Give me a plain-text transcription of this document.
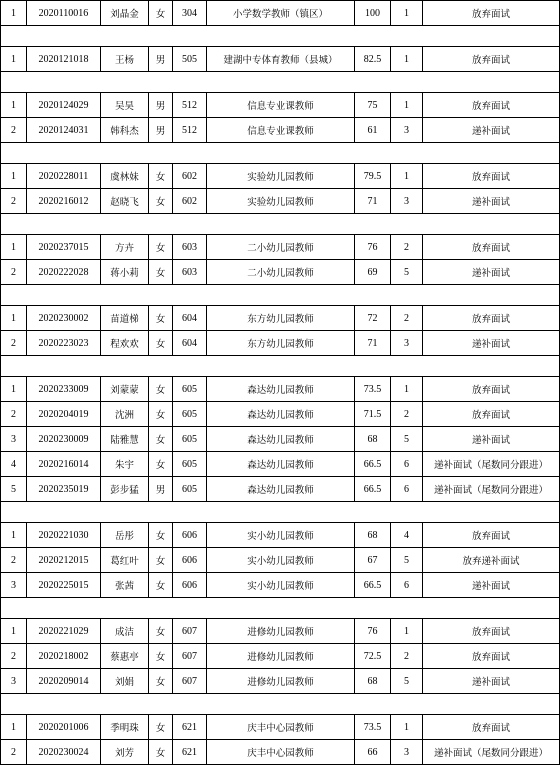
1	2020110016	刘晶金	女	304	小学数学教师（镇区）	100	1	放弃面试

1	2020121018	王杨	男	505	建湖中专体育教师（县城）	82.5	1	放弃面试

1	2020124029	吴昊	男	512	信息专业课教师	75	1	放弃面试
2	2020124031	韩科杰	男	512	信息专业课教师	61	3	递补面试

1	2020228011	虞林妹	女	602	实验幼儿园教师	79.5	1	放弃面试
2	2020216012	赵晓飞	女	602	实验幼儿园教师	71	3	递补面试

1	2020237015	方卉	女	603	二小幼儿园教师	76	2	放弃面试
2	2020222028	蒋小莉	女	603	二小幼儿园教师	69	5	递补面试

1	2020230002	苗道梯	女	604	东方幼儿园教师	72	2	放弃面试
2	2020223023	程欢欢	女	604	东方幼儿园教师	71	3	递补面试

1	2020233009	刘蒙蒙	女	605	森达幼儿园教师	73.5	1	放弃面试
2	2020204019	沈洲	女	605	森达幼儿园教师	71.5	2	放弃面试
3	2020230009	陆雅慧	女	605	森达幼儿园教师	68	5	递补面试
4	2020216014	朱宇	女	605	森达幼儿园教师	66.5	6	递补面试（尾数同分跟进）
5	2020235019	彭步猛	男	605	森达幼儿园教师	66.5	6	递补面试（尾数同分跟进）

1	2020221030	岳彤	女	606	实小幼儿园教师	68	4	放弃面试
2	2020212015	葛红叶	女	606	实小幼儿园教师	67	5	放弃递补面试
3	2020225015	张茜	女	606	实小幼儿园教师	66.5	6	递补面试

1	2020221029	成洁	女	607	进修幼儿园教师	76	1	放弃面试
2	2020218002	蔡惠亭	女	607	进修幼儿园教师	72.5	2	放弃面试
3	2020209014	刘娟	女	607	进修幼儿园教师	68	5	递补面试

1	2020201006	季明珠	女	621	庆丰中心园教师	73.5	1	放弃面试
2	2020230024	刘芳	女	621	庆丰中心园教师	66	3	递补面试（尾数同分跟进）
